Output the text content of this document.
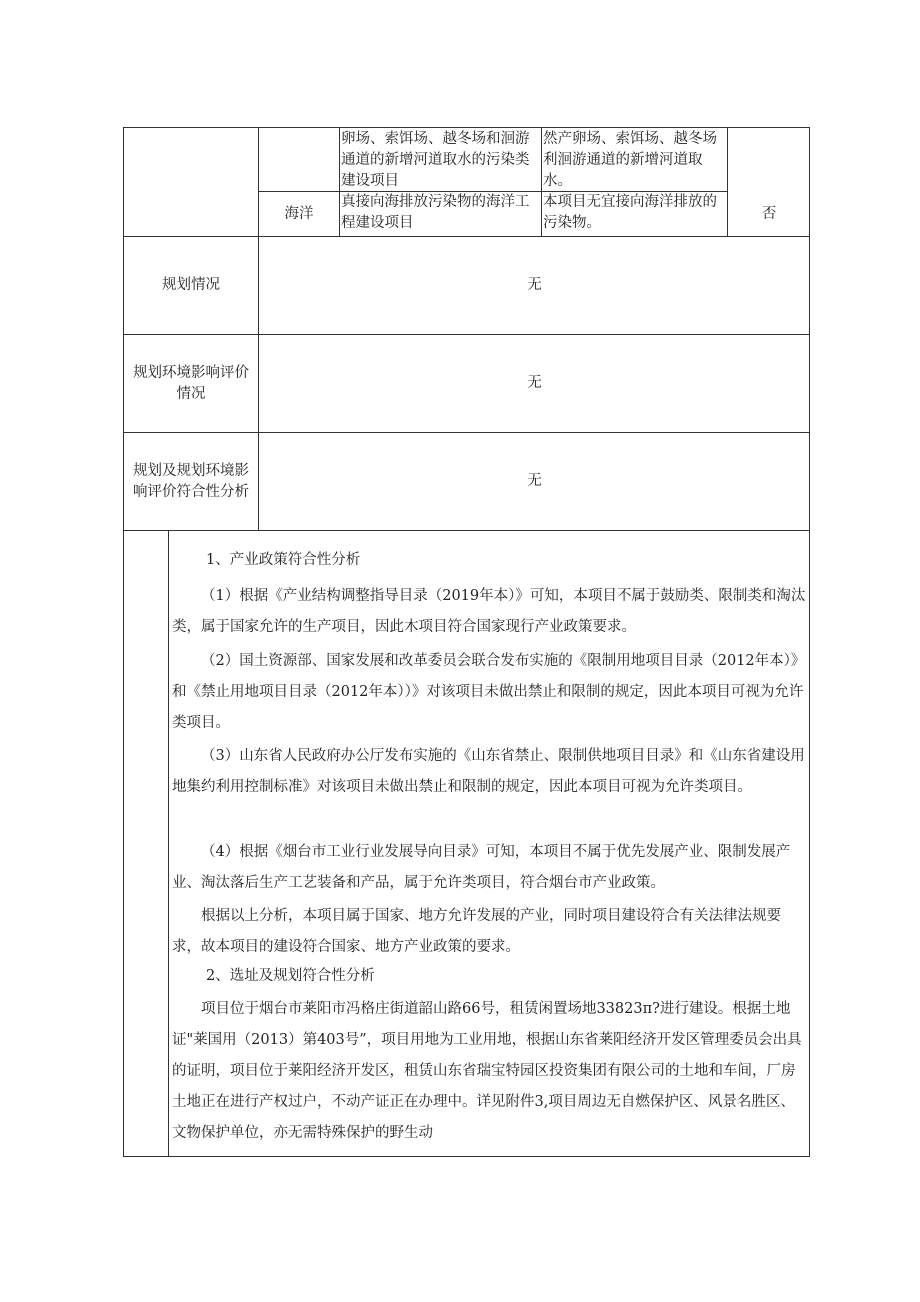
卵场、索饵场、越冬场和洄游通道的新增河道取水的污染类建设项目
然产卵场、索饵场、越冬场利洄游通道的新增河道取水。
海洋
真接向海排放污染物的海洋工程建设项目
本项目无宜接向海洋排放的污染物。
否
规划情况	无
规划环境影响评价情况
无
规划及规划环境影响评价符合性分析
无
1、产业政策符合性分析
（1）根据《产业结构调整指导目录（2019年本）》可知，本项目不属于鼓励类、限制类和淘汰类，属于国家允许的生产项目，因此木项目符合国家现行产业政策要求。
（2）国土资源部、国家发展和改革委员会联合发布实施的《限制用地项目目录（2012年本）》和《禁止用地项目目录（2012年本））》对该项目未做出禁止和限制的规定，因此本项目可视为允许类项目。
（3）山东省人民政府办公厅发布实施的《山东省禁止、限制供地项目目录》和《山东省建设用地集约利用控制标准》对该项目未做出禁止和限制的规定，因此本项目可视为允许类项目。
（4）根据《烟台市工业行业发展导向目录》可知，本项目不属于优先发展产业、限制发展产业、淘汰落后生产工艺装备和产品，属于允许类项目，符合烟台市产业政策。
根据以上分析，本项目属于国家、地方允许发展的产业，同时项目建设符合有关法律法规要求，故本项目的建设符合国家、地方产业政策的要求。
2、选址及规划符合性分析
项目位于烟台市莱阳市冯格庄街道韶山路66号，租赁闲置场地33823π?进行建设。根据土地证"莱国用（2013）第403号”，项目用地为工业用地，根据山东省莱阳经济开发区管理委员会出具的证明，项目位于莱阳经济开发区，租赁山东省瑞宝特园区投资集团有限公司的土地和车间，厂房土地正在进行产权过户，不动产证正在办理中。详见附件3,项目周边无自燃保护区、风景名胜区、文物保护单位，亦无需特殊保护的野生动
